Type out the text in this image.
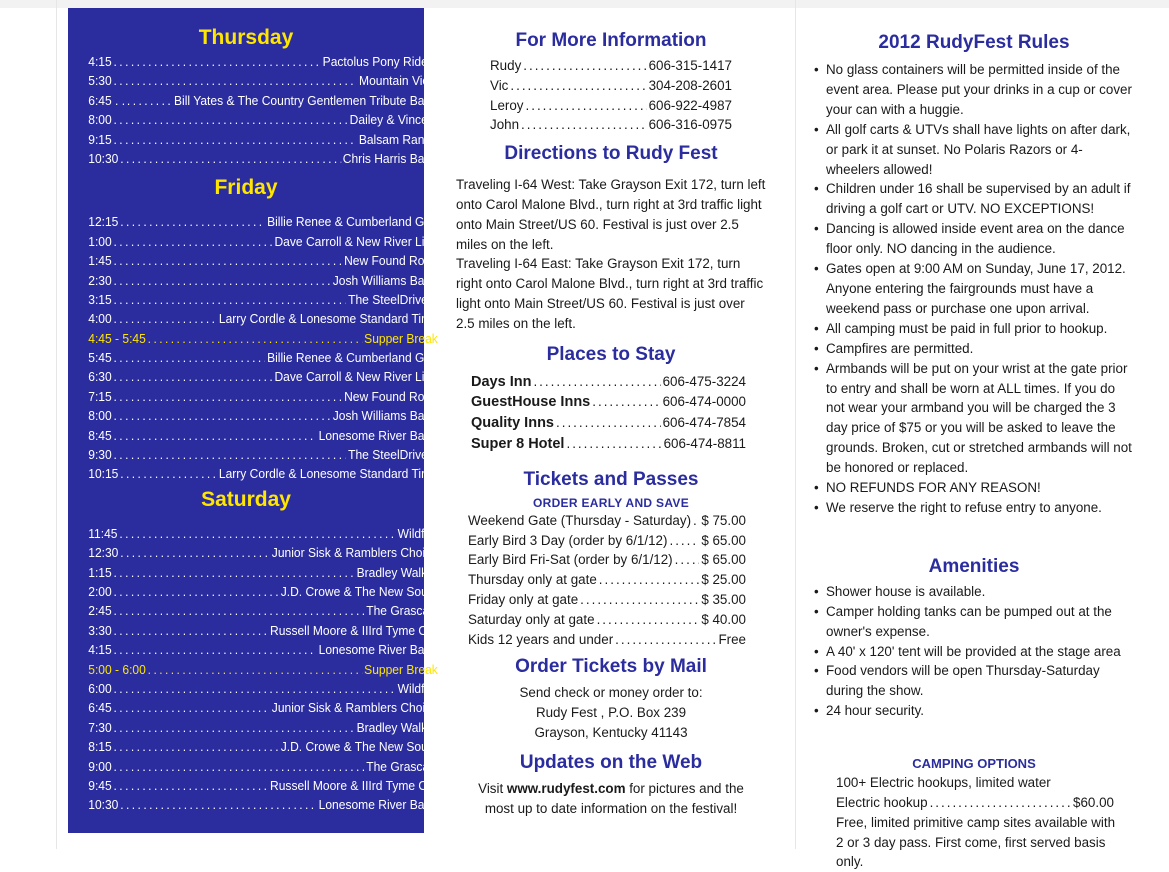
Thursday
4:15 . . .	Pactolus Pony Riders
5:30 . . .	Mountain View
6:45 . . . . .	Bill Yates & The Country Gentlemen Tribute Band
8:00 . . .	Dailey & Vincent
9:15 . . .	Balsam Range
10:30 . . .	Chris Harris Band
Friday
12:15 . . .	Billie Renee & Cumberland Gap
1:00 . . .	Dave Carroll & New River Line
1:45 . . .	New Found Road
2:30 . . .	Josh Williams Band
3:15 . . .	The SteelDrivers
4:00 . . .	Larry Cordle & Lonesome Standard Time
4:45 - 5:45 . . .	Supper Break
5:45 . . .	Billie Renee & Cumberland Gap
6:30 . . .	Dave Carroll & New River Line
7:15 . . .	New Found Road
8:00 . . .	Josh Williams Band
8:45 . . .	Lonesome River Band
9:30 . . .	The SteelDrivers
10:15 . . .	Larry Cordle & Lonesome Standard Time
Saturday
11:45 . . .	Wildfire
12:30 . . .	Junior Sisk & Ramblers Choice
1:15 . . .	Bradley Walker
2:00 . . .	J.D. Crowe & The New South
2:45 . . .	The Grascals
3:30 . . .	Russell Moore & IIIrd Tyme Out
4:15 . . .	Lonesome River Band
5:00 - 6:00 . . .	Supper Break
6:00 . . .	Wildfire
6:45 . . .	Junior Sisk & Ramblers Choice
7:30 . . .	Bradley Walker
8:15 . . .	J.D. Crowe & The New South
9:00 . . .	The Grascals
9:45 . . .	Russell Moore & IIIrd Tyme Out
10:30 . . .	Lonesome River Band
For More Information
Rudy .....	606-315-1417
Vic .....	304-208-2601
Leroy .....	606-922-4987
John .....	606-316-0975
Directions to Rudy Fest
Traveling I-64 West: Take Grayson Exit 172, turn left onto Carol Malone Blvd., turn right at 3rd traffic light onto Main Street/US 60. Festival is just over 2.5 miles on the left.
Traveling I-64 East: Take Grayson Exit 172, turn right onto Carol Malone Blvd., turn right at 3rd traffic light onto Main Street/US 60. Festival is just over 2.5 miles on the left.
Places to Stay
Days Inn .....	606-475-3224
GuestHouse Inns .....	606-474-0000
Quality Inns .....	606-474-7854
Super 8 Hotel .....	606-474-8811
Tickets and Passes
ORDER EARLY AND SAVE
Weekend Gate (Thursday - Saturday) ..... $ 75.00
Early Bird 3 Day (order by 6/1/12) .....	$ 65.00
Early Bird Fri-Sat (order by 6/1/12) ..... $ 65.00
Thursday only at gate .....	$ 25.00
Friday only at gate .....	$ 35.00
Saturday only at gate .....	$ 40.00
Kids 12 years and under .....	Free
Order Tickets by Mail
Send check or money order to:
Rudy Fest , P.O. Box 239
Grayson, Kentucky 41143
Updates on the Web
Visit www.rudyfest.com for pictures and the most up to date information on the festival!
2012 RudyFest Rules
• No glass containers will be permitted inside of the event area. Please put your drinks in a cup or cover your can with a huggie.
• All golf carts & UTVs shall have lights on after dark, or park it at sunset. No Polaris Razors or 4-wheelers allowed!
• Children under 16 shall be supervised by an adult if driving a golf cart or UTV. NO EXCEPTIONS!
• Dancing is allowed inside event area on the dance floor only. NO dancing in the audience.
• Gates open at 9:00 AM on Sunday, June 17, 2012. Anyone entering the fairgrounds must have a weekend pass or purchase one upon arrival.
• All camping must be paid in full prior to hookup.
• Campfires are permitted.
• Armbands will be put on your wrist at the gate prior to entry and shall be worn at ALL times. If you do not wear your armband you will be charged the 3 day price of $75 or you will be asked to leave the grounds. Broken, cut or stretched armbands will not be honored or replaced.
• NO REFUNDS FOR ANY REASON!
• We reserve the right to refuse entry to anyone.
Amenities
• Shower house is available.
• Camper holding tanks can be pumped out at the owner's expense.
• A 40' x 120' tent will be provided at the stage area
• Food vendors will be open Thursday-Saturday during the show.
• 24 hour security.
CAMPING OPTIONS
100+ Electric hookups, limited water
Electric hookup .....	$60.00
Free, limited primitive camp sites available with 2 or 3 day pass. First come, first served basis only.
